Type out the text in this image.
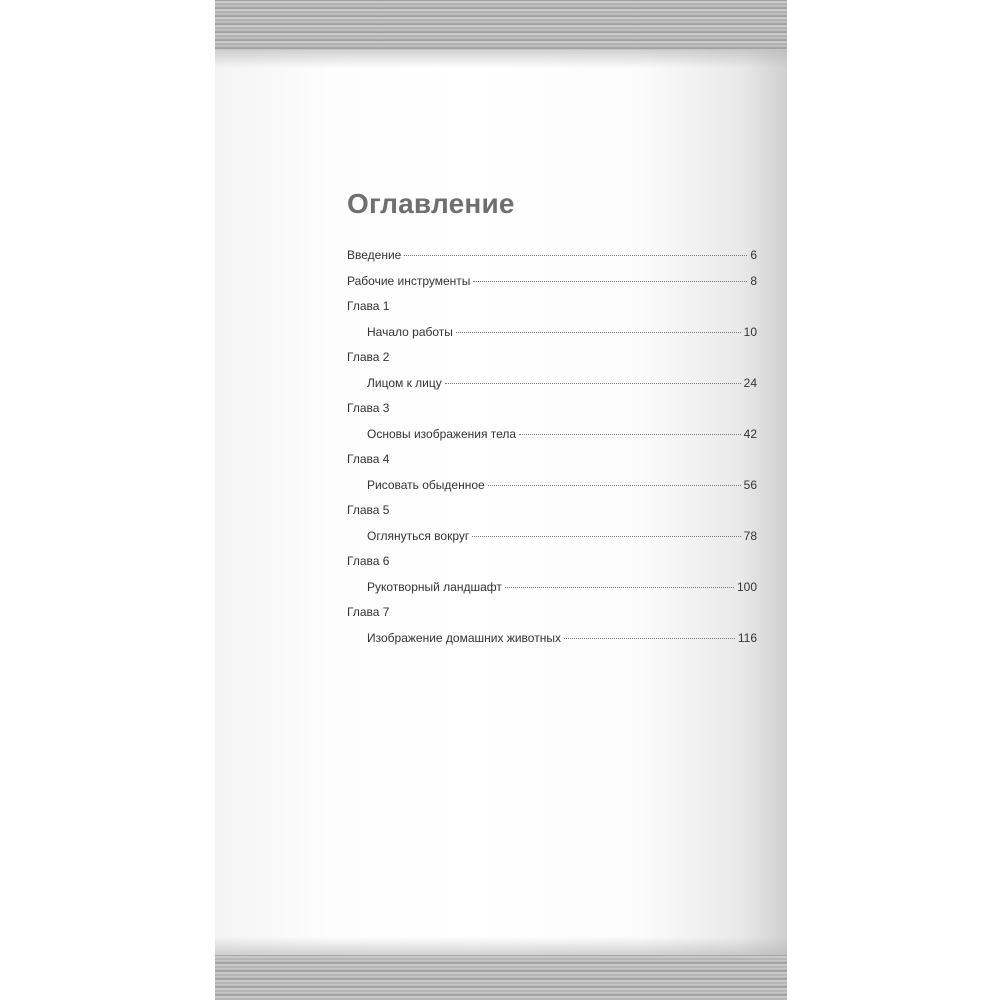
Оглавление
Введение	6
Рабочие инструменты	8
Глава 1
Начало работы	10
Глава 2
Лицом к лицу	24
Глава 3
Основы изображения тела	42
Глава 4
Рисовать обыденное	56
Глава 5
Оглянуться вокруг	78
Глава 6
Рукотворный ландшафт	100
Глава 7
Изображение домашних животных	116
